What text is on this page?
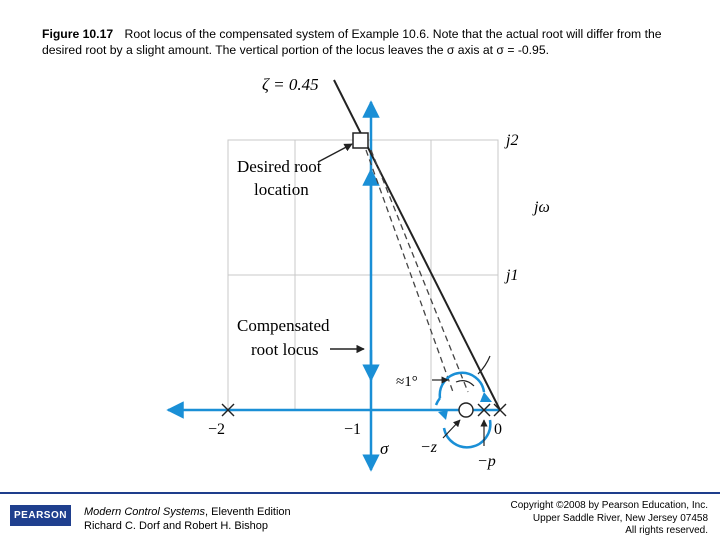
Figure 10.17 Root locus of the compensated system of Example 10.6. Note that the actual root will differ from the desired root by a slight amount. The vertical portion of the locus leaves the σ axis at σ = -0.95.
ζ = 0.45
j2
jω
j1
Desired root
location
Compensated
root locus
≈1°
−2	−1	0
σ −z
−p
PEARSON	Modern Control Systems, Eleventh Edition
Richard C. Dorf and Robert H. Bishop
Copyright ©2008 by Pearson Education, Inc.
Upper Saddle River, New Jersey 07458
All rights reserved.
